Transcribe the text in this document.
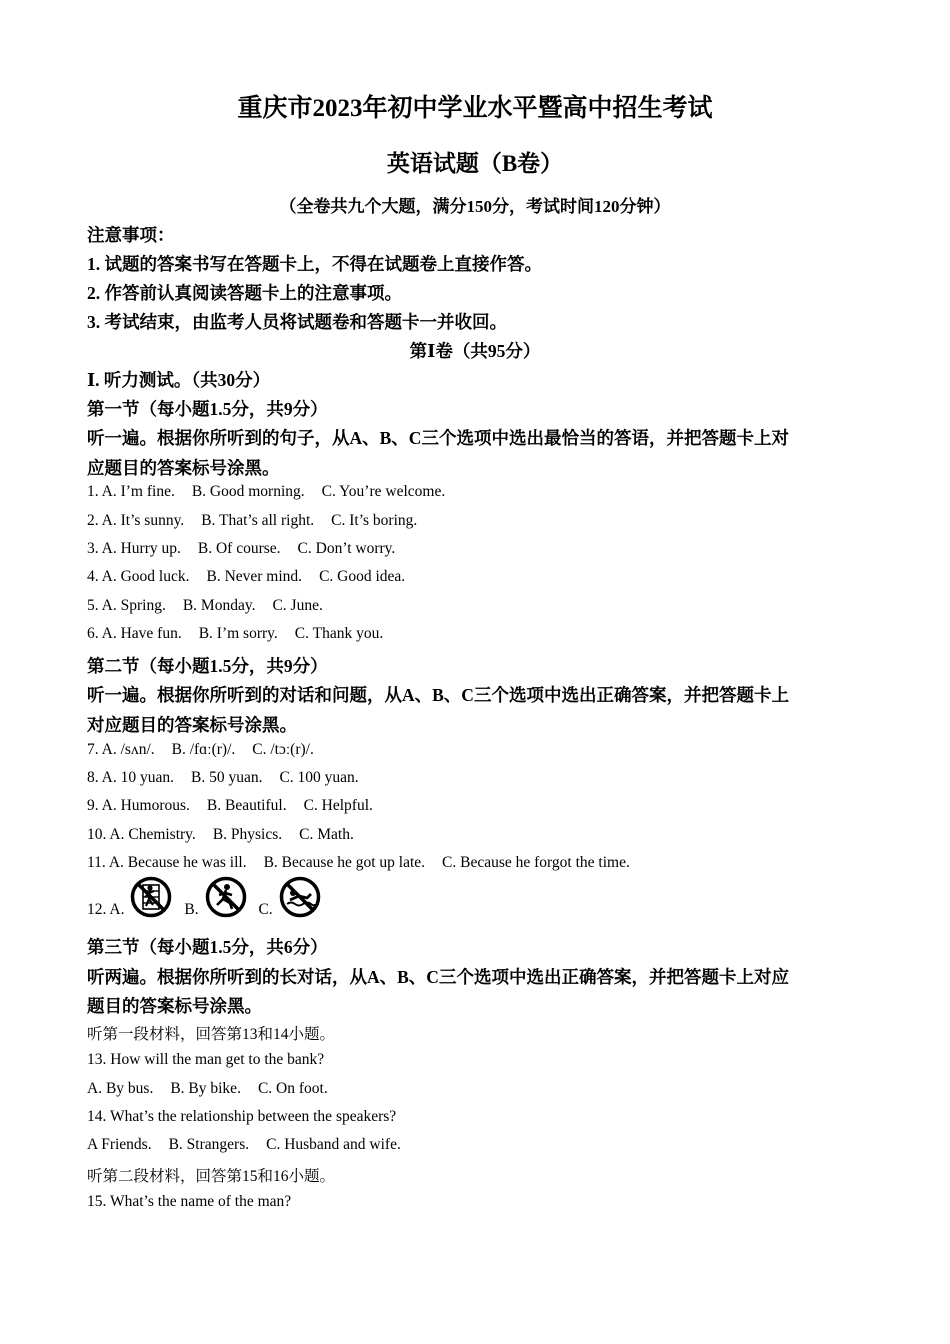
重庆市2023年初中学业水平暨高中招生考试
英语试题（B卷）
（全卷共九个大题，满分150分，考试时间120分钟）
注意事项：
1. 试题的答案书写在答题卡上，不得在试题卷上直接作答。
2. 作答前认真阅读答题卡上的注意事项。
3. 考试结束，由监考人员将试题卷和答题卡一并收回。
第Ⅰ卷（共95分）
Ⅰ. 听力测试。（共30分）
第一节（每小题1.5分，共9分）
听一遍。根据你所听到的句子，从A、B、C三个选项中选出最恰当的答语，并把答题卡上对
应题目的答案标号涂黑。
1. A. I’m fine. B. Good morning. C. You’re welcome.
2. A. It’s sunny. B. That’s all right. C. It’s boring.
3. A. Hurry up. B. Of course. C. Don’t worry.
4. A. Good luck. B. Never mind. C. Good idea.
5. A. Spring. B. Monday. C. June.
6. A. Have fun. B. I’m sorry. C. Thank you.
第二节（每小题1.5分，共9分）
听一遍。根据你所听到的对话和问题，从A、B、C三个选项中选出正确答案，并把答题卡上
对应题目的答案标号涂黑。
7. A. /sʌn/. B. /fɑː(r)/. C. /tɔː(r)/.
8. A. 10 yuan. B. 50 yuan. C. 100 yuan.
9. A. Humorous. B. Beautiful. C. Helpful.
10. A. Chemistry. B. Physics. C. Math.
11. A. Because he was ill. B. Because he got up late. C. Because he forgot the time.
12. A.	B.	C.
第三节（每小题1.5分，共6分）
听两遍。根据你所听到的长对话，从A、B、C三个选项中选出正确答案，并把答题卡上对应
题目的答案标号涂黑。
听第一段材料，回答第13和14小题。
13. How will the man get to the bank?
A. By bus. B. By bike. C. On foot.
14. What’s the relationship between the speakers?
A Friends. B. Strangers. C. Husband and wife.
听第二段材料，回答第15和16小题。
15. What’s the name of the man?
